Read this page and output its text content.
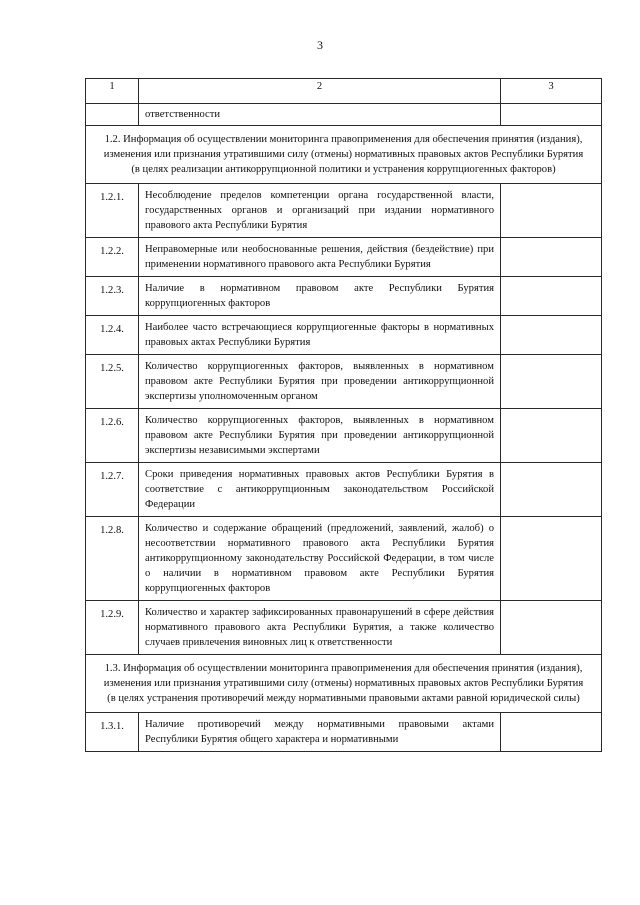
3
1	2	3
	ответственности	
1.2. Информация об осуществлении мониторинга правоприменения для обеспечения принятия (издания), изменения или признания утратившими силу (отмены) нормативных правовых актов Республики Бурятия (в целях реализации антикоррупционной политики и устранения коррупциогенных факторов)		
1.2.1.	Несоблюдение пределов компетенции органа государственной власти, государственных органов и организаций при издании нормативного правового акта Республики Бурятия	
1.2.2.	Неправомерные или необоснованные решения, действия (бездействие) при применении нормативного правового акта Республики Бурятия	
1.2.3.	Наличие в нормативном правовом акте Республики Бурятия коррупциогенных факторов	
1.2.4.	Наиболее часто встречающиеся коррупциогенные факторы в нормативных правовых актах Республики Бурятия	
1.2.5.	Количество коррупциогенных факторов, выявленных в нормативном правовом акте Республики Бурятия при проведении антикоррупционной экспертизы уполномоченным органом	
1.2.6.	Количество коррупциогенных факторов, выявленных в нормативном правовом акте Республики Бурятия при проведении антикоррупционной экспертизы независимыми экспертами	
1.2.7.	Сроки приведения нормативных правовых актов Республики Бурятия в соответствие с антикоррупционным законодательством Российской Федерации	
1.2.8.	Количество и содержание обращений (предложений, заявлений, жалоб) о несоответствии нормативного правового акта Республики Бурятия антикоррупционному законодательству Российской Федерации, в том числе о наличии в нормативном правовом акте Республики Бурятия коррупциогенных факторов	
1.2.9.	Количество и характер зафиксированных правонарушений в сфере действия нормативного правового акта Республики Бурятия, а также количество случаев привлечения виновных лиц к ответственности	
1.3. Информация об осуществлении мониторинга правоприменения для обеспечения принятия (издания), изменения или признания утратившими силу (отмены) нормативных правовых актов Республики Бурятия (в целях устранения противоречий между нормативными правовыми актами равной юридической силы)		
1.3.1.	Наличие противоречий между нормативными правовыми актами Республики Бурятия общего характера и нормативными	
